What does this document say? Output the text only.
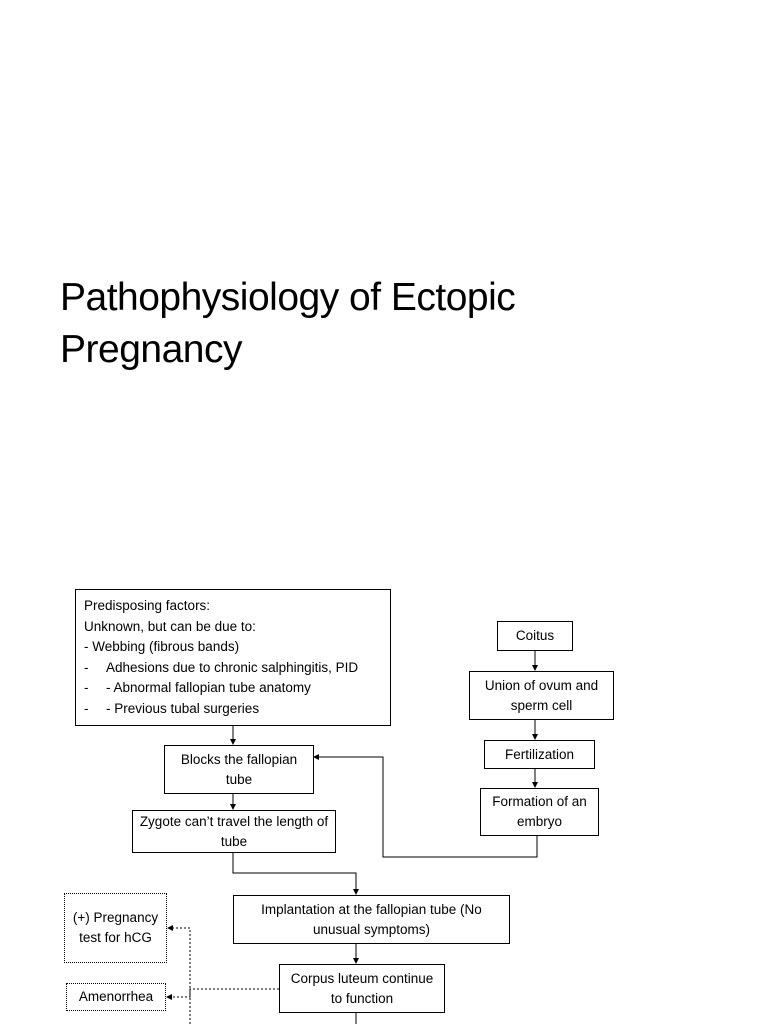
Pathophysiology of Ectopic
Pregnancy
Predisposing factors:
Unknown, but can be due to:
- Webbing (fibrous bands)
-	Adhesions due to chronic salphingitis, PID
-	- Abnormal fallopian tube anatomy
-	- Previous tubal surgeries
Coitus
Union of ovum and sperm cell
Fertilization
Formation of an embryo
Blocks the fallopian tube
Zygote can’t travel the length of tube
Implantation at the fallopian tube (No unusual symptoms)
Corpus luteum continue to function
(+) Pregnancy test for hCG
Amenorrhea
